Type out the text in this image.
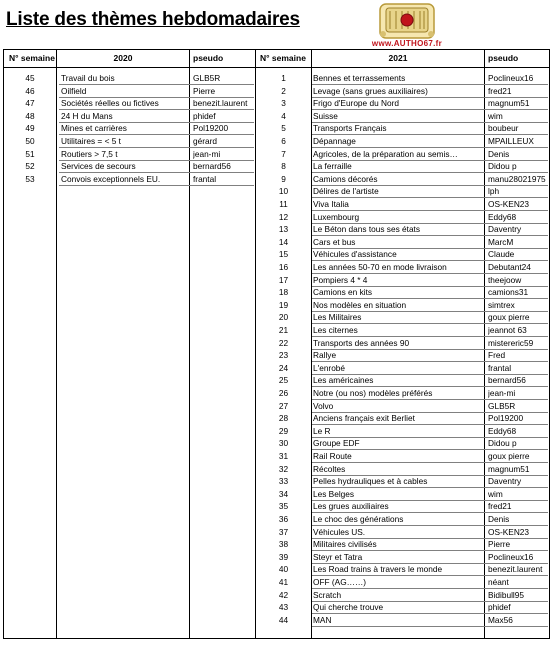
Liste des thèmes hebdomadaires
www.AUTHO67.fr
N° semaine	2020	pseudo	N° semaine	2021	pseudo
45	Travail du bois	GLB5R
46	Oilfield	Pierre
47	Sociétés réelles ou fictives	benezit.laurent
48	24 H du Mans	phidef
49	Mines et carrières	Pol19200
50	Utilitaires = < 5 t	gérard
51	Routiers > 7,5 t	jean-mi
52	Services de secours	bernard56
53	Convois exceptionnels EU.	frantal
1	Bennes et terrassements	Poclineux16
2	Levage (sans grues auxiliaires)	fred21
3	Frigo d'Europe du Nord	magnum51
4	Suisse	wim
5	Transports Français	boubeur
6	Dépannage	MPAILLEUX
7	Agricoles, de la préparation au semis…	Denis
8	La ferraille	Didou p
9	Camions décorés	manu28021975
10	Délires de l'artiste	lph
11	Viva Italia	OS-KEN23
12	Luxembourg	Eddy68
13	Le Béton dans tous ses états	Daventry
14	Cars et bus	MarcM
15	Véhicules d'assistance	Claude
16	Les années 50-70 en mode livraison	Debutant24
17	Pompiers 4 * 4	theejoow
18	Camions en kits	camions31
19	Nos modèles en situation	simtrex
20	Les Militaires	goux pierre
21	Les citernes	jeannot 63
22	Transports des années 90	mistereric59
23	Rallye	Fred
24	L'enrobé	frantal
25	Les américaines	bernard56
26	Notre (ou nos) modèles préférés	jean-mi
27	Volvo	GLB5R
28	Anciens français exit Berliet	Pol19200
29	Le R	Eddy68
30	Groupe EDF	Didou p
31	Rail Route	goux pierre
32	Récoltes	magnum51
33	Pelles hydrauliques et à cables	Daventry
34	Les Belges	wim
35	Les grues auxiliaires	fred21
36	Le choc des générations	Denis
37	Véhicules US.	OS-KEN23
38	Militaires civilisés	Pierre
39	Steyr et Tatra	Poclineux16
40	Les Road trains à travers le monde	benezit.laurent
41	OFF (AG……)	néant
42	Scratch	Bidibull95
43	Qui cherche trouve	phidef
44	MAN	Max56
